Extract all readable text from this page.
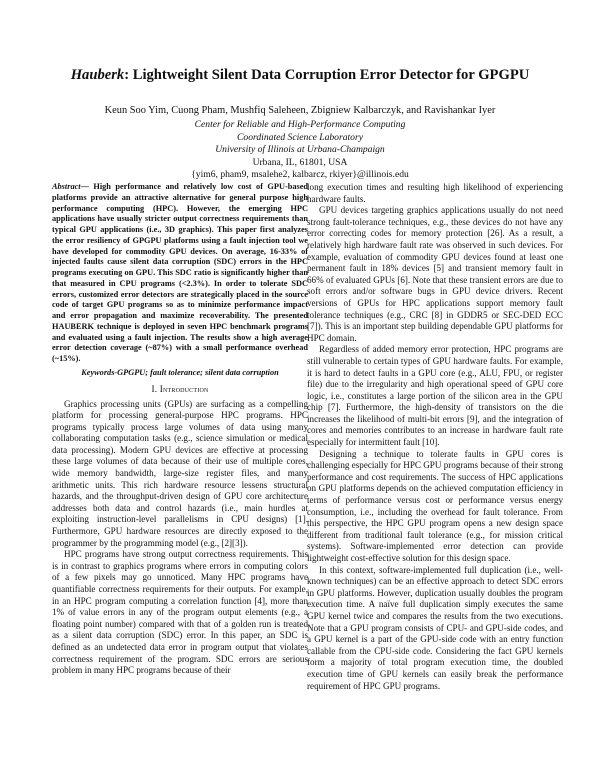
Hauberk: Lightweight Silent Data Corruption Error Detector for GPGPU
Keun Soo Yim, Cuong Pham, Mushfiq Saleheen, Zbigniew Kalbarczyk, and Ravishankar Iyer
Center for Reliable and High-Performance Computing
Coordinated Science Laboratory
University of Illinois at Urbana-Champaign
Urbana, IL, 61801, USA
{yim6, pham9, msalehe2, kalbarcz, rkiyer}@illinois.edu

Abstract— High performance and relatively low cost of GPU-based platforms provide an attractive alternative for general purpose high performance computing (HPC). However, the emerging HPC applications have usually stricter output correctness requirements than typical GPU applications (i.e., 3D graphics). This paper first analyzes the error resiliency of GPGPU platforms using a fault injection tool we have developed for commodity GPU devices. On average, 16-33% of injected faults cause silent data corruption (SDC) errors in the HPC programs executing on GPU. This SDC ratio is significantly higher than that measured in CPU programs (<2.3%). In order to tolerate SDC errors, customized error detectors are strategically placed in the source code of target GPU programs so as to minimize performance impact and error propagation and maximize recoverability. The presented HAUBERK technique is deployed in seven HPC benchmark programs and evaluated using a fault injection. The results show a high average error detection coverage (~87%) with a small performance overhead (~15%).

Keywords-GPGPU; fault tolerance; silent data corruption

I. Introduction

Graphics processing units (GPUs) are surfacing as a compelling platform for processing general-purpose HPC programs. HPC programs typically process large volumes of data using many collaborating computation tasks (e.g., science simulation or medical data processing). Modern GPU devices are effective at processing these large volumes of data because of their use of multiple cores, wide memory bandwidth, large-size register files, and many arithmetic units. This rich hardware resource lessens structural hazards, and the throughput-driven design of GPU core architecture addresses both data and control hazards (i.e., main hurdles at exploiting instruction-level parallelisms in CPU designs) [1]. Furthermore, GPU hardware resources are directly exposed to the programmer by the programming model (e.g., [2][3]).

HPC programs have strong output correctness requirements. This is in contrast to graphics programs where errors in computing colors of a few pixels may go unnoticed. Many HPC programs have quantifiable correctness requirements for their outputs. For example, in an HPC program computing a correlation function [4], more than 1% of value errors in any of the program output elements (e.g., a floating point number) compared with that of a golden run is treated as a silent data corruption (SDC) error. In this paper, an SDC is defined as an undetected data error in program output that violates correctness requirement of the program. SDC errors are serious problem in many HPC programs because of their

long execution times and resulting high likelihood of experiencing hardware faults.

GPU devices targeting graphics applications usually do not need strong fault-tolerance techniques, e.g., these devices do not have any error correcting codes for memory protection [26]. As a result, a relatively high hardware fault rate was observed in such devices. For example, evaluation of commodity GPU devices found at least one permanent fault in 18% devices [5] and transient memory fault in 66% of evaluated GPUs [6]. Note that these transient errors are due to soft errors and/or software bugs in GPU device drivers. Recent versions of GPUs for HPC applications support memory fault tolerance techniques (e.g., CRC [8] in GDDR5 or SEC-DED ECC [7]). This is an important step building dependable GPU platforms for HPC domain.

Regardless of added memory error protection, HPC programs are still vulnerable to certain types of GPU hardware faults. For example, it is hard to detect faults in a GPU core (e.g., ALU, FPU, or register file) due to the irregularity and high operational speed of GPU core logic, i.e., constitutes a large portion of the silicon area in the GPU chip [7]. Furthermore, the high-density of transistors on the die increases the likelihood of multi-bit errors [9], and the integration of cores and memories contributes to an increase in hardware fault rate especially for intermittent fault [10].

Designing a technique to tolerate faults in GPU cores is challenging especially for HPC GPU programs because of their strong performance and cost requirements. The success of HPC applications on GPU platforms depends on the achieved computation efficiency in terms of performance versus cost or performance versus energy consumption, i.e., including the overhead for fault tolerance. From this perspective, the HPC GPU program opens a new design space different from traditional fault tolerance (e.g., for mission critical systems). Software-implemented error detection can provide lightweight cost-effective solution for this design space.

In this context, software-implemented full duplication (i.e., well-known techniques) can be an effective approach to detect SDC errors in GPU platforms. However, duplication usually doubles the program execution time. A naïve full duplication simply executes the same GPU kernel twice and compares the results from the two executions. Note that a GPU program consists of CPU- and GPU-side codes, and a GPU kernel is a part of the GPU-side code with an entry function callable from the CPU-side code. Considering the fact GPU kernels form a majority of total program execution time, the doubled execution time of GPU kernels can easily break the performance requirement of HPC GPU programs.
